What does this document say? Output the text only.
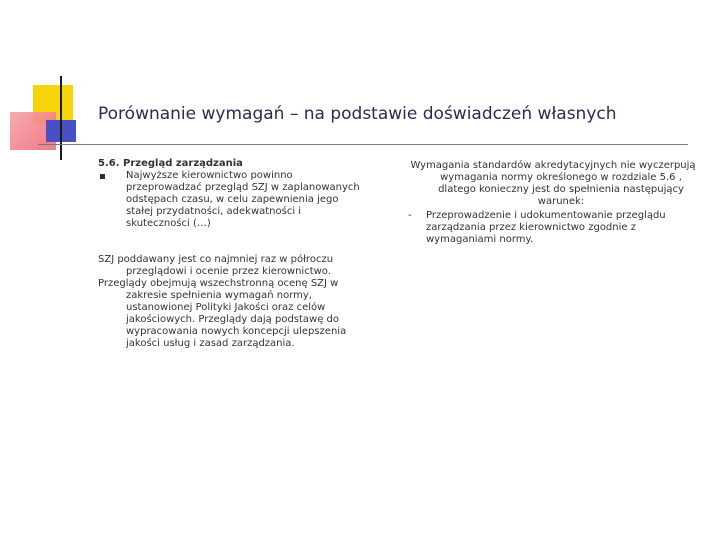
Porównanie wymagań – na podstawie doświadczeń własnych

5.6. Przegląd zarządzania

Najwyższe kierownictwo powinno przeprowadzać przegląd SZJ w zaplanowanych odstępach czasu, w celu zapewnienia jego stałej przydatności, adekwatności i skuteczności (…)

SZJ poddawany jest co najmniej raz w półroczu przeglądowi i ocenie przez kierownictwo.

Przeglądy obejmują wszechstronną ocenę SZJ w zakresie spełnienia wymagań normy, ustanowionej Polityki Jakości oraz celów jakościowych. Przeglądy dają podstawę do wypracowania nowych koncepcji ulepszenia jakości usług i zasad zarządzania.

Wymagania standardów akredytacyjnych nie wyczerpują wymagania normy określonego w rozdziale 5.6 , dlatego konieczny jest do spełnienia następujący warunek:

- Przeprowadzenie i udokumentowanie przeglądu zarządzania przez kierownictwo zgodnie z wymaganiami normy.
